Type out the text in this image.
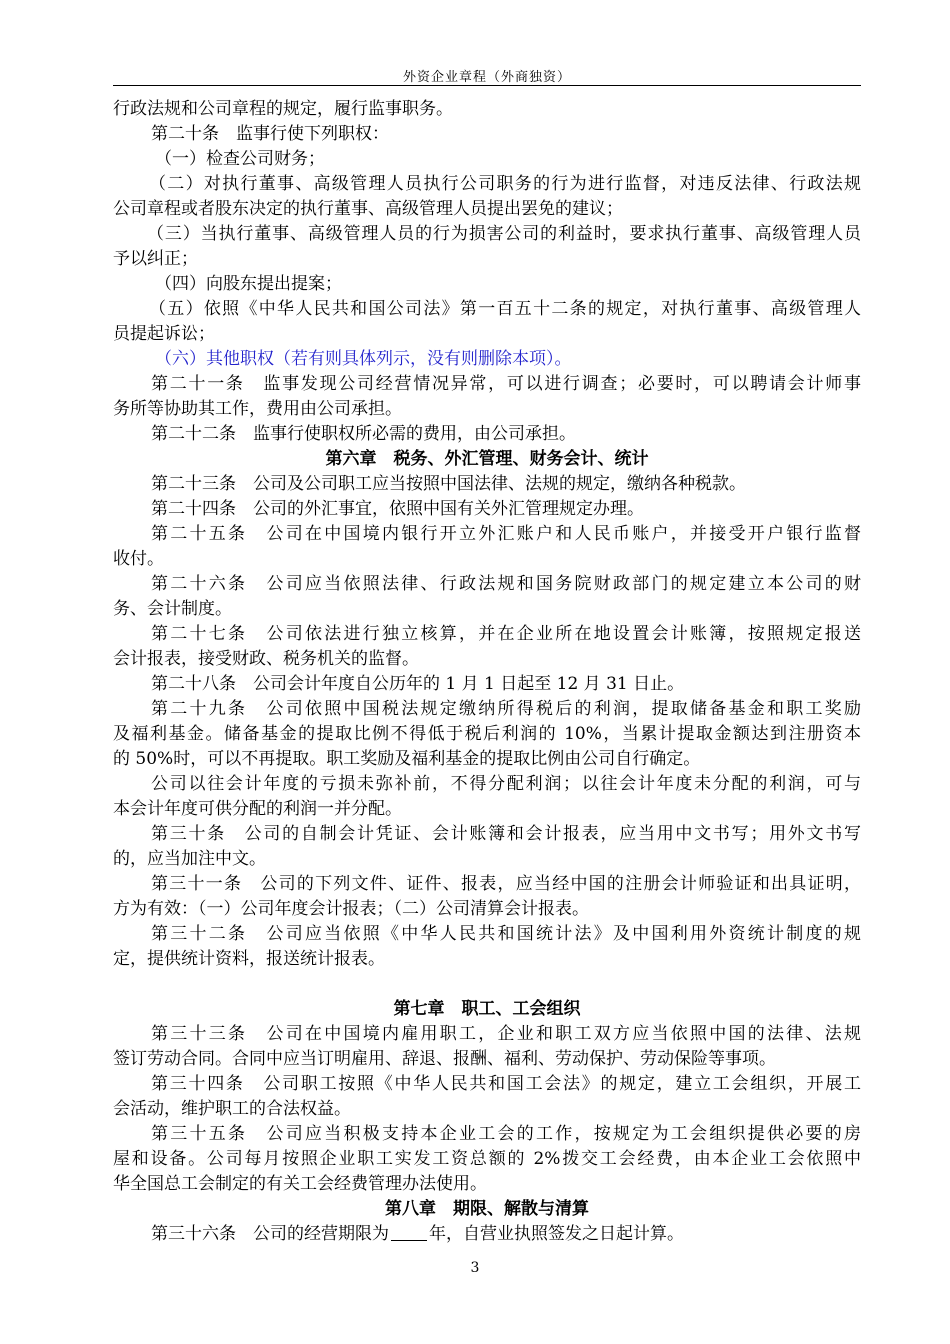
外资企业章程（外商独资）
行政法规和公司章程的规定，履行监事职务。
第二十条　监事行使下列职权：
（一）检查公司财务；
（二）对执行董事、高级管理人员执行公司职务的行为进行监督，对违反法律、行政法规
公司章程或者股东决定的执行董事、高级管理人员提出罢免的建议；
（三）当执行董事、高级管理人员的行为损害公司的利益时，要求执行董事、高级管理人员
予以纠正；
（四）向股东提出提案；
（五）依照《中华人民共和国公司法》第一百五十二条的规定，对执行董事、高级管理人
员提起诉讼；
（六）其他职权（若有则具体列示，没有则删除本项）。
第二十一条　监事发现公司经营情况异常，可以进行调查；必要时，可以聘请会计师事
务所等协助其工作，费用由公司承担。
第二十二条　监事行使职权所必需的费用，由公司承担。
第六章　税务、外汇管理、财务会计、统计
第二十三条　公司及公司职工应当按照中国法律、法规的规定，缴纳各种税款。
第二十四条　公司的外汇事宜，依照中国有关外汇管理规定办理。
第二十五条　公司在中国境内银行开立外汇账户和人民币账户，并接受开户银行监督
收付。
第二十六条　公司应当依照法律、行政法规和国务院财政部门的规定建立本公司的财
务、会计制度。
第二十七条　公司依法进行独立核算，并在企业所在地设置会计账簿，按照规定报送
会计报表，接受财政、税务机关的监督。
第二十八条　公司会计年度自公历年的 1 月 1 日起至 12 月 31 日止。
第二十九条　公司依照中国税法规定缴纳所得税后的利润，提取储备基金和职工奖励
及福利基金。储备基金的提取比例不得低于税后利润的 10%，当累计提取金额达到注册资本
的 50%时，可以不再提取。职工奖励及福利基金的提取比例由公司自行确定。
公司以往会计年度的亏损未弥补前，不得分配利润；以往会计年度未分配的利润，可与
本会计年度可供分配的利润一并分配。
第三十条　公司的自制会计凭证、会计账簿和会计报表，应当用中文书写；用外文书写
的，应当加注中文。
第三十一条　公司的下列文件、证件、报表，应当经中国的注册会计师验证和出具证明，
方为有效：（一）公司年度会计报表；（二）公司清算会计报表。
第三十二条　公司应当依照《中华人民共和国统计法》及中国利用外资统计制度的规
定，提供统计资料，报送统计报表。
第七章　职工、工会组织
第三十三条　公司在中国境内雇用职工，企业和职工双方应当依照中国的法律、法规
签订劳动合同。合同中应当订明雇用、辞退、报酬、福利、劳动保护、劳动保险等事项。
第三十四条　公司职工按照《中华人民共和国工会法》的规定，建立工会组织，开展工
会活动，维护职工的合法权益。
第三十五条　公司应当积极支持本企业工会的工作，按规定为工会组织提供必要的房
屋和设备。公司每月按照企业职工实发工资总额的 2%拨交工会经费，由本企业工会依照中
华全国总工会制定的有关工会经费管理办法使用。
第八章　期限、解散与清算
第三十六条　公司的经营期限为 年，自营业执照签发之日起计算。
3
